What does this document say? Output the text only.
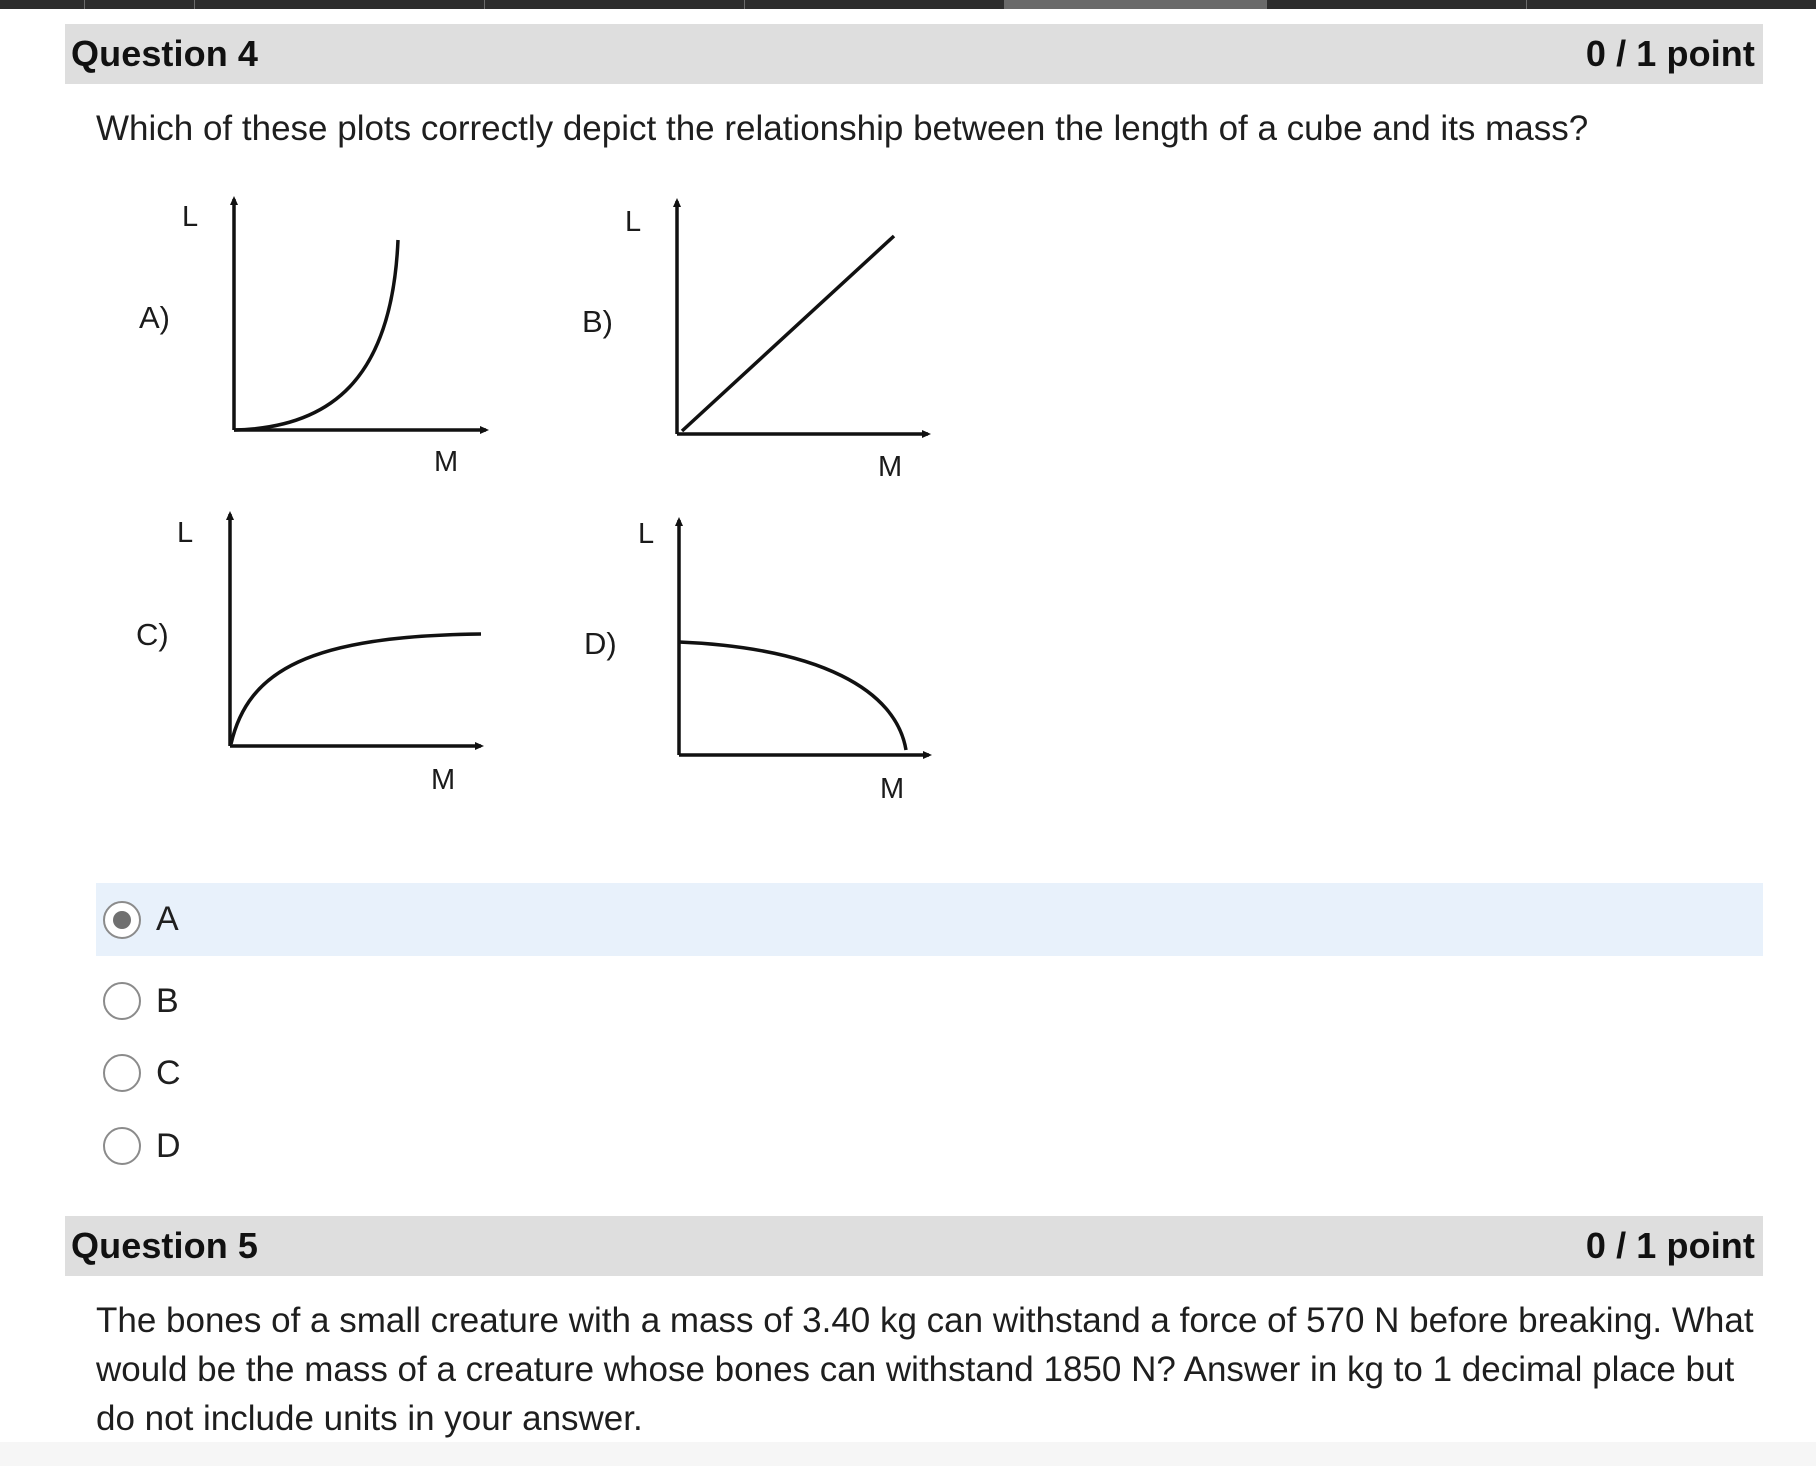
Question 4	0 / 1 point
Which of these plots correctly depict the relationship between the length of a cube and its mass?
A)
L
M
B)
L
M
C)
L
M
D)
L
M
A
B
C
D
Question 5	0 / 1 point
The bones of a small creature with a mass of 3.40 kg can withstand a force of 570 N before breaking. What
would be the mass of a creature whose bones can withstand 1850 N? Answer in kg to 1 decimal place but
do not include units in your answer.
